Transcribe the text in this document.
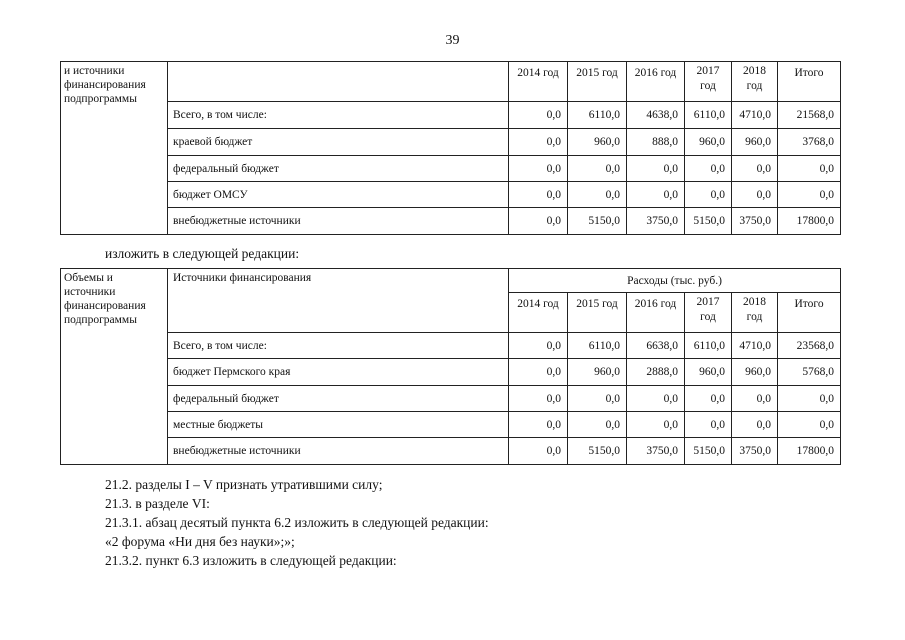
39
и источники финансирования подпрограммы		2014 год	2015 год	2016 год	2017 год	2018 год	Итого
	Всего, в том числе:	0,0	6110,0	4638,0	6110,0	4710,0	21568,0
	краевой бюджет	0,0	960,0	888,0	960,0	960,0	3768,0
	федеральный бюджет	0,0	0,0	0,0	0,0	0,0	0,0
	бюджет ОМСУ	0,0	0,0	0,0	0,0	0,0	0,0
	внебюджетные источники	0,0	5150,0	3750,0	5150,0	3750,0	17800,0
изложить в следующей редакции:
Объемы и источники финансирования подпрограммы	Источники финансирования	Расходы (тыс. руб.)					
		2014 год	2015 год	2016 год	2017 год	2018 год	Итого
	Всего, в том числе:	0,0	6110,0	6638,0	6110,0	4710,0	23568,0
	бюджет Пермского края	0,0	960,0	2888,0	960,0	960,0	5768,0
	федеральный бюджет	0,0	0,0	0,0	0,0	0,0	0,0
	местные бюджеты	0,0	0,0	0,0	0,0	0,0	0,0
	внебюджетные источники	0,0	5150,0	3750,0	5150,0	3750,0	17800,0
21.2. разделы I – V признать утратившими силу;
21.3. в разделе VI:
21.3.1. абзац десятый пункта 6.2 изложить в следующей редакции:
«2 форума «Ни дня без науки»;»;
21.3.2. пункт 6.3 изложить в следующей редакции:
